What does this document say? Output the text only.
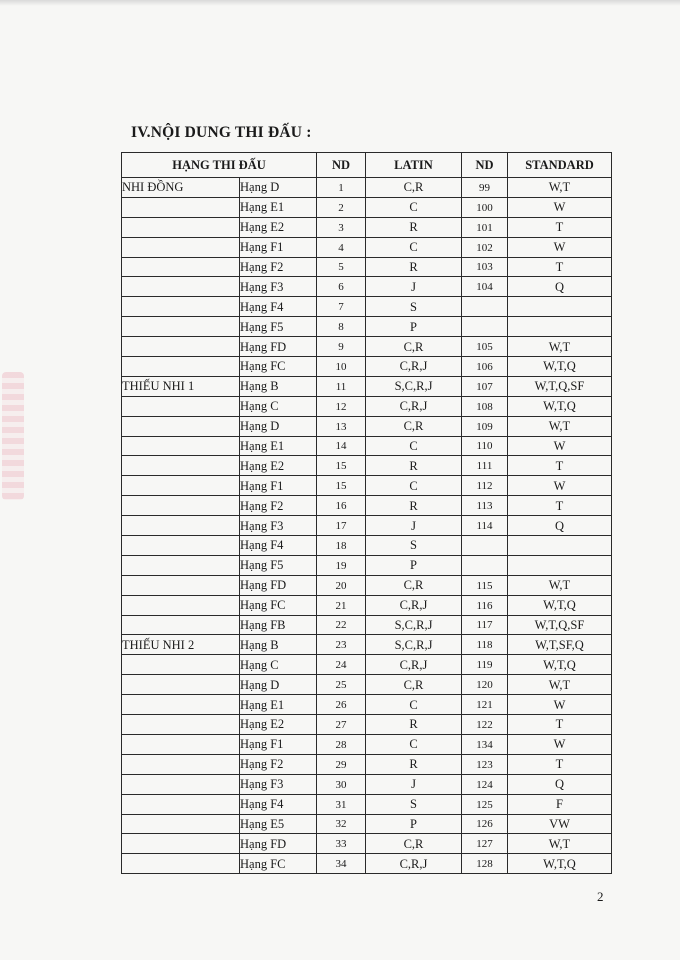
IV.NỘI DUNG THI ĐẤU :
HẠNG THI ĐẤU		ND	LATIN	ND	STANDARD
NHI ĐỒNG	Hạng D	1	C,R	99	W,T
	Hạng E1	2	C	100	W
	Hạng E2	3	R	101	T
	Hạng F1	4	C	102	W
	Hạng F2	5	R	103	T
	Hạng F3	6	J	104	Q
	Hạng F4	7	S		
	Hạng F5	8	P		
	Hạng FD	9	C,R	105	W,T
	Hạng FC	10	C,R,J	106	W,T,Q
THIẾU NHI 1	Hạng B	11	S,C,R,J	107	W,T,Q,SF
	Hạng C	12	C,R,J	108	W,T,Q
	Hạng D	13	C,R	109	W,T
	Hạng E1	14	C	110	W
	Hạng E2	15	R	111	T
	Hạng F1	15	C	112	W
	Hạng F2	16	R	113	T
	Hạng F3	17	J	114	Q
	Hạng F4	18	S		
	Hạng F5	19	P		
	Hạng FD	20	C,R	115	W,T
	Hạng FC	21	C,R,J	116	W,T,Q
	Hạng FB	22	S,C,R,J	117	W,T,Q,SF
THIẾU NHI 2	Hạng B	23	S,C,R,J	118	W,T,SF,Q
	Hạng C	24	C,R,J	119	W,T,Q
	Hạng D	25	C,R	120	W,T
	Hạng E1	26	C	121	W
	Hạng E2	27	R	122	T
	Hạng F1	28	C	134	W
	Hạng F2	29	R	123	T
	Hạng F3	30	J	124	Q
	Hạng F4	31	S	125	F
	Hạng E5	32	P	126	VW
	Hạng FD	33	C,R	127	W,T
	Hạng FC	34	C,R,J	128	W,T,Q
2
